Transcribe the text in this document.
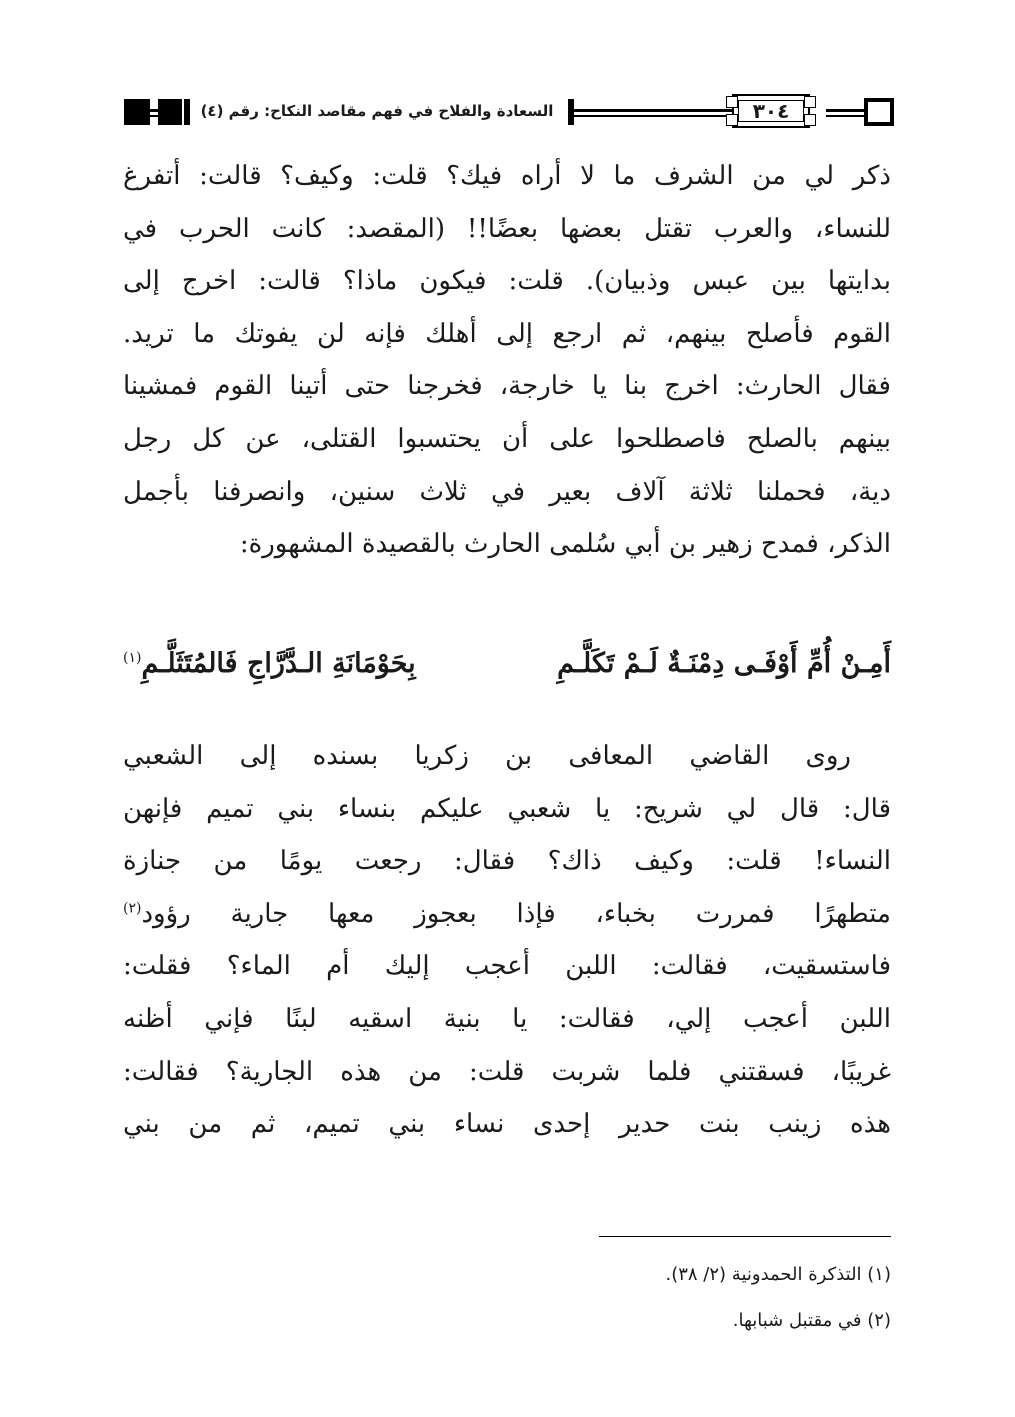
السعادة والفلاح في فهم مقاصد النكاح: رقم (٤)	٣٠٤

ذكر لي من الشرف ما لا أراه فيك؟ قلت: وكيف؟ قالت: أتفرغ

للنساء، والعرب تقتل بعضها بعضًا!! (المقصد: كانت الحرب في

بدايتها بين عبس وذبيان). قلت: فيكون ماذا؟ قالت: اخرج إلى

القوم فأصلح بينهم، ثم ارجع إلى أهلك فإنه لن يفوتك ما تريد.

فقال الحارث: اخرج بنا يا خارجة، فخرجنا حتى أتينا القوم فمشينا

بينهم بالصلح فاصطلحوا على أن يحتسبوا القتلى، عن كل رجل

دية، فحملنا ثلاثة آلاف بعير في ثلاث سنين، وانصرفنا بأجمل

الذكر، فمدح زهير بن أبي سُلمى الحارث بالقصيدة المشهورة:

أَمِـنْ أُمِّ أَوْفَـى دِمْنَـةٌ لَـمْ تَكَلَّـمِ
بِحَوْمَانَةِ الـدَّرَّاجِ فَالمُتَثَلَّـمِ$^{(١)}$

روى القاضي المعافى بن زكريا بسنده إلى الشعبي

قال: قال لي شريح: يا شعبي عليكم بنساء بني تميم فإنهن

النساء! قلت: وكيف ذاك؟ فقال: رجعت يومًا من جنازة

متطهرًا فمررت بخباء، فإذا بعجوز معها جارية رؤود$^{(٢)}$

فاستسقيت، فقالت: اللبن أعجب إليك أم الماء؟ فقلت:

اللبن أعجب إلي، فقالت: يا بنية اسقيه لبنًا فإني أظنه

غريبًا، فسقتني فلما شربت قلت: من هذه الجارية؟ فقالت:

هذه زينب بنت حدير إحدى نساء بني تميم، ثم من بني

(١) التذكرة الحمدونية (٢/ ٣٨).
(٢) في مقتبل شبابها.
